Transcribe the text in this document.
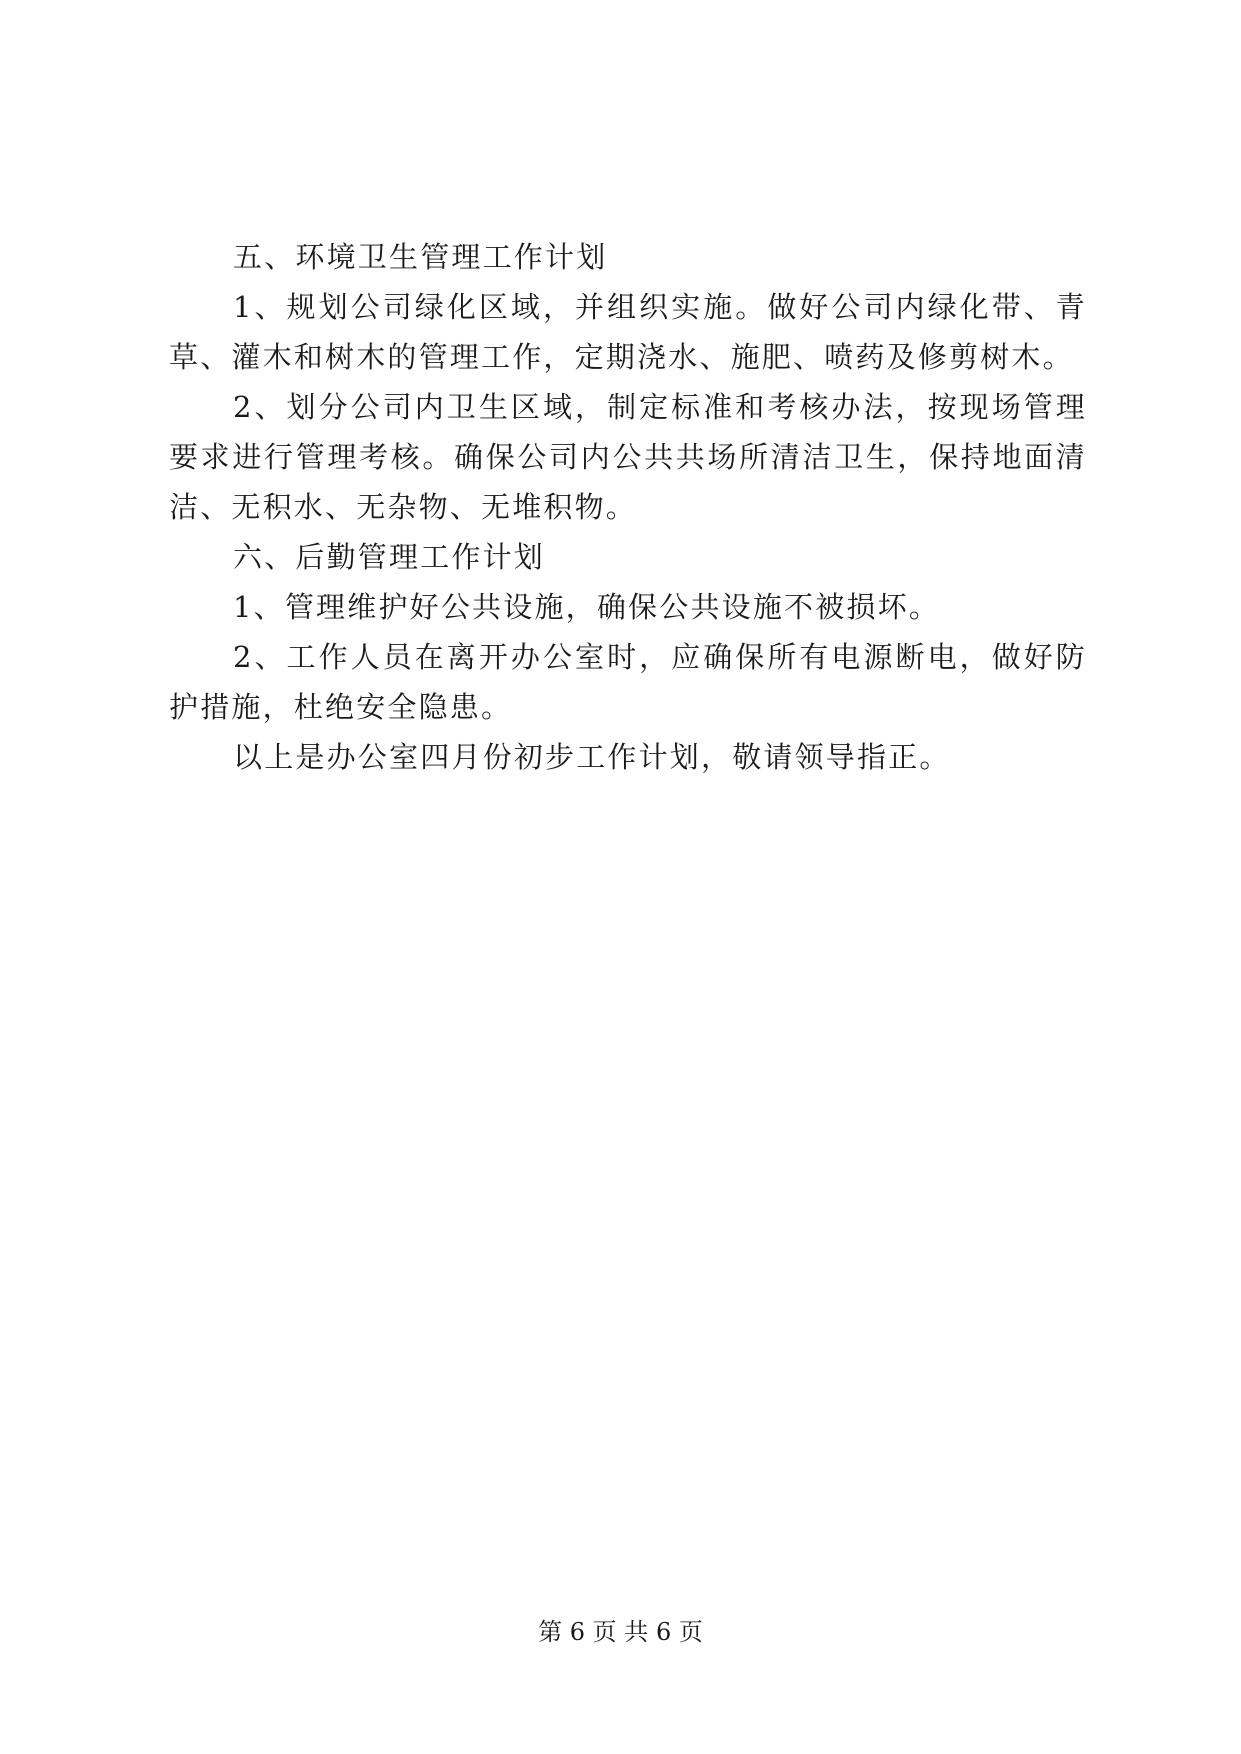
五、环境卫生管理工作计划

1、规划公司绿化区域，并组织实施。做好公司内绿化带、青草、灌木和树木的管理工作，定期浇水、施肥、喷药及修剪树木。

2、划分公司内卫生区域，制定标准和考核办法，按现场管理要求进行管理考核。确保公司内公共共场所清洁卫生，保持地面清洁、无积水、无杂物、无堆积物。

六、后勤管理工作计划

1、管理维护好公共设施，确保公共设施不被损坏。

2、工作人员在离开办公室时，应确保所有电源断电，做好防护措施，杜绝安全隐患。

以上是办公室四月份初步工作计划，敬请领导指正。

第 6 页 共 6 页
